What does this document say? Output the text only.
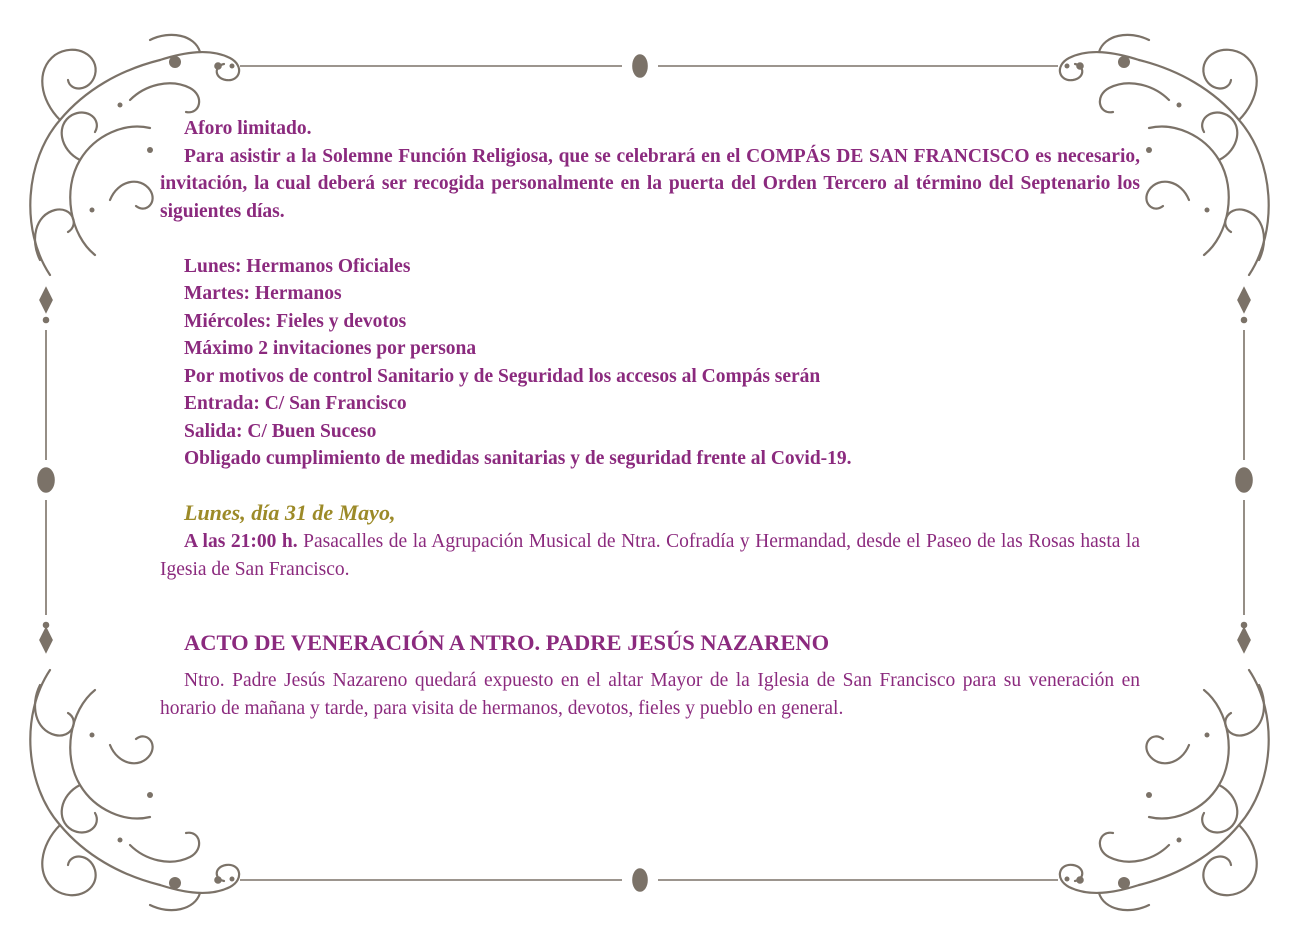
Aforo limitado.

Para asistir a la Solemne Función Religiosa, que se celebrará en el COMPÁS DE SAN FRANCISCO es necesario, invitación, la cual deberá ser recogida personalmente en la puerta del Orden Tercero al término del Septenario los siguientes días.

Lunes: Hermanos Oficiales

Martes: Hermanos

Miércoles: Fieles y devotos

Máximo 2 invitaciones por persona

Por motivos de control Sanitario y de Seguridad los accesos al Compás serán

Entrada: C/ San Francisco

Salida: C/ Buen Suceso

Obligado cumplimiento de medidas sanitarias y de seguridad frente al Covid-19.

Lunes, día 31 de Mayo,

A las 21:00 h. Pasacalles de la Agrupación Musical de Ntra. Cofradía y Hermandad, desde el Paseo de las Rosas hasta la Igesia de San Francisco.

ACTO DE VENERACIÓN A NTRO. PADRE JESÚS NAZARENO

Ntro. Padre Jesús Nazareno quedará expuesto en el altar Mayor de la Iglesia de San Francisco para su veneración en horario de mañana y tarde, para visita de hermanos, devotos, fieles y pueblo en general.
